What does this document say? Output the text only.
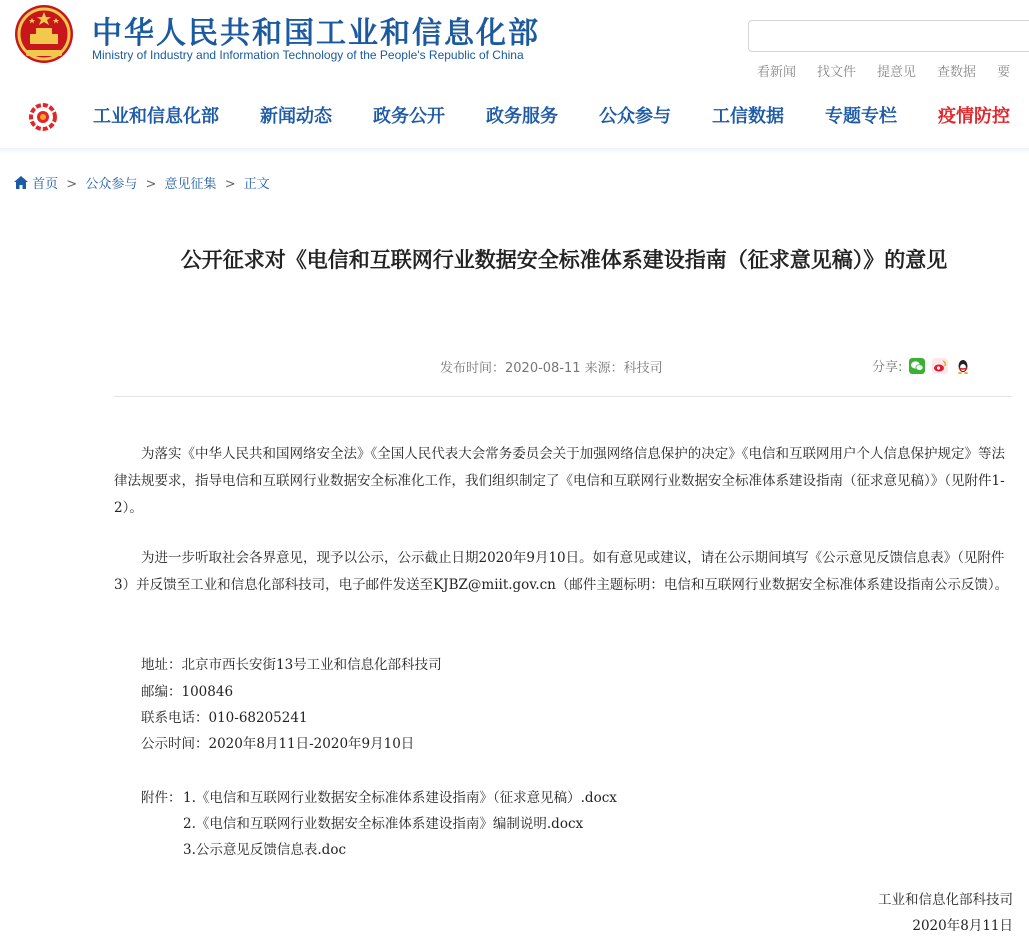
中华人民共和国工业和信息化部
Ministry of Industry and Information Technology of the People's Republic of China
看新闻 找文件 提意见 查数据 要
工业和信息化部 新闻动态 政务公开 政务服务 公众参与 工信数据 专题专栏 疫情防控
首页 > 公众参与 > 意见征集 > 正文
公开征求对《电信和互联网行业数据安全标准体系建设指南（征求意见稿）》的意见
发布时间：2020-08-11 来源：科技司	分享:
为落实《中华人民共和国网络安全法》《全国人民代表大会常务委员会关于加强网络信息保护的决定》《电信和互联网用户个人信息保护规定》等法律法规要求，指导电信和互联网行业数据安全标准化工作，我们组织制定了《电信和互联网行业数据安全标准体系建设指南（征求意见稿）》（见附件1-2）。
为进一步听取社会各界意见，现予以公示，公示截止日期2020年9月10日。如有意见或建议，请在公示期间填写《公示意见反馈信息表》（见附件3）并反馈至工业和信息化部科技司，电子邮件发送至KJBZ@miit.gov.cn（邮件主题标明：电信和互联网行业数据安全标准体系建设指南公示反馈）。
地址：北京市西长安街13号工业和信息化部科技司
邮编：100846
联系电话：010-68205241
公示时间：2020年8月11日-2020年9月10日
附件： 1.《电信和互联网行业数据安全标准体系建设指南》（征求意见稿）.docx
2.《电信和互联网行业数据安全标准体系建设指南》编制说明.docx
3.公示意见反馈信息表.doc
工业和信息化部科技司
2020年8月11日
